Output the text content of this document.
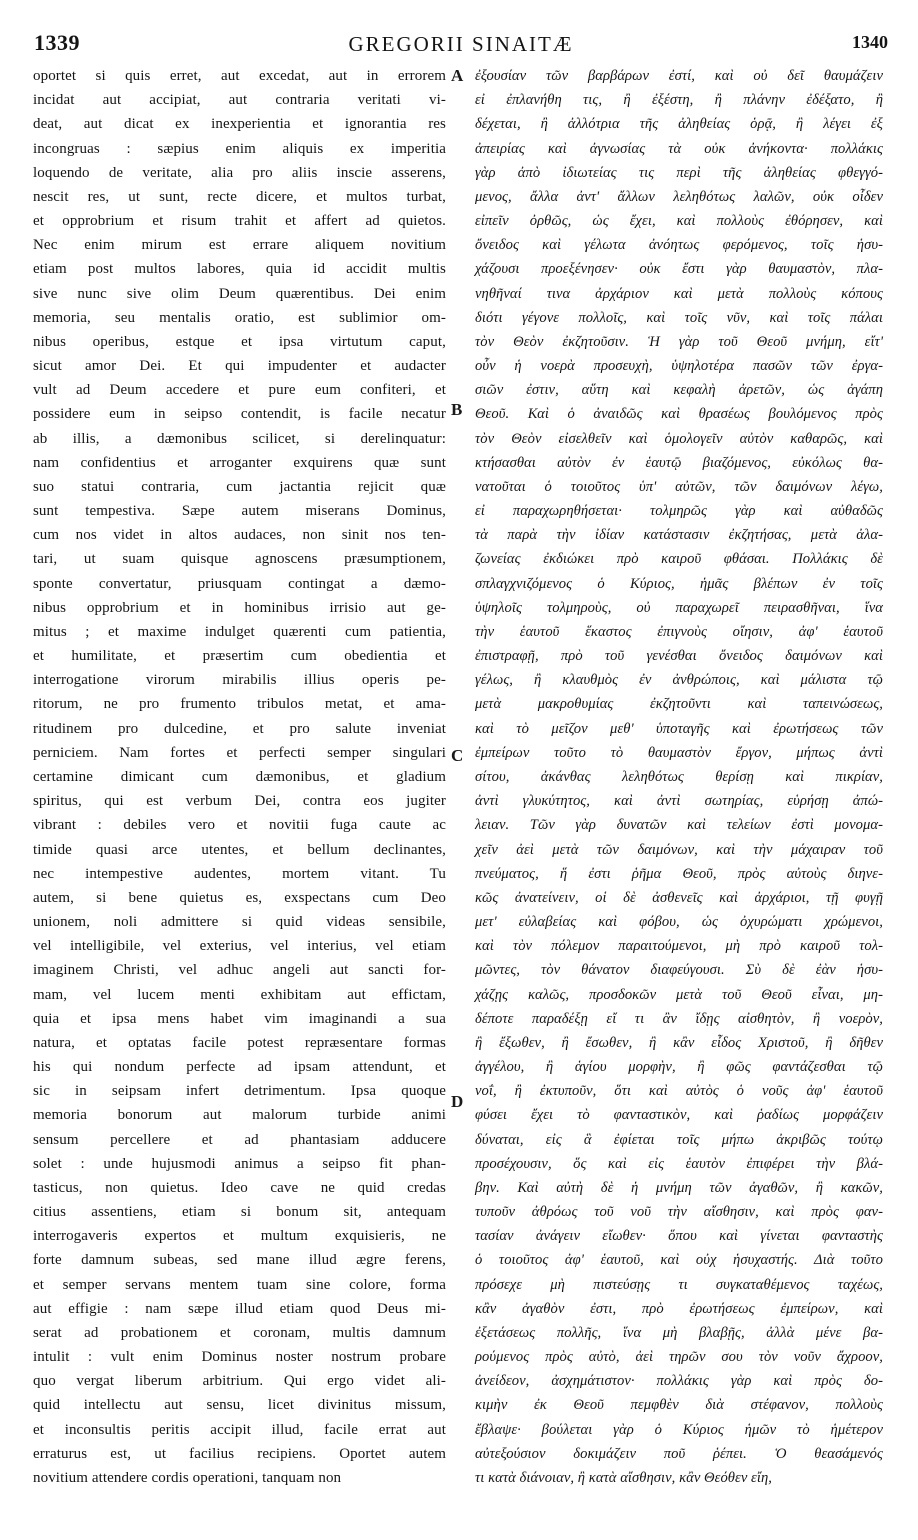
1339	GREGORII SINAITÆ	1340
oportet si quis erret, aut excedat, aut in errorem
incidat aut accipiat, aut contraria veritati vi-
deat, aut dicat ex inexperientia et ignorantia res
incongruas : sæpius enim aliquis ex imperitia
loquendo de veritate, alia pro aliis inscie asserens,
nescit res, ut sunt, recte dicere, et multos turbat,
et opprobrium et risum trahit et affert ad quietos.
Nec enim mirum est errare aliquem novitium
etiam post multos labores, quia id accidit multis
sive nunc sive olim Deum quærentibus. Dei enim
memoria, seu mentalis oratio, est sublimior om-
nibus operibus, estque et ipsa virtutum caput,
sicut amor Dei. Et qui impudenter et audacter
vult ad Deum accedere et pure eum confiteri, et
possidere eum in seipso contendit, is facile necatur
ab illis, a dæmonibus scilicet, si derelinquatur:
nam confidentius et arroganter exquirens quæ sunt
suo statui contraria, cum jactantia rejicit quæ
sunt tempestiva. Sæpe autem miserans Dominus,
cum nos videt in altos audaces, non sinit nos ten-
tari, ut suam quisque agnoscens præsumptionem,
sponte convertatur, priusquam contingat a dæmo-
nibus opprobrium et in hominibus irrisio aut ge-
mitus ; et maxime indulget quærenti cum patientia,
et humilitate, et præsertim cum obedientia et
interrogatione virorum mirabilis illius operis pe-
ritorum, ne pro frumento tribulos metat, et ama-
ritudinem pro dulcedine, et pro salute inveniat
perniciem. Nam fortes et perfecti semper singulari
certamine dimicant cum dæmonibus, et gladium
spiritus, qui est verbum Dei, contra eos jugiter
vibrant : debiles vero et novitii fuga caute ac
timide quasi arce utentes, et bellum declinantes,
nec intempestive audentes, mortem vitant. Tu
autem, si bene quietus es, exspectans cum Deo
unionem, noli admittere si quid videas sensibile,
vel intelligibile, vel exterius, vel interius, vel etiam
imaginem Christi, vel adhuc angeli aut sancti for-
mam, vel lucem menti exhibitam aut effictam,
quia et ipsa mens habet vim imaginandi a sua
natura, et optatas facile potest repræsentare formas
his qui nondum perfecte ad ipsam attendunt, et
sic in seipsam infert detrimentum. Ipsa quoque
memoria bonorum aut malorum turbide animi
sensum percellere et ad phantasiam adducere
solet : unde hujusmodi animus a seipso fit phan-
tasticus, non quietus. Ideo cave ne quid credas
citius assentiens, etiam si bonum sit, antequam
interrogaveris expertos et multum exquisieris, ne
forte damnum subeas, sed mane illud ægre ferens,
et semper servans mentem tuam sine colore, forma
aut effigie : nam sæpe illud etiam quod Deus mi-
serat ad probationem et coronam, multis damnum
intulit : vult enim Dominus noster nostrum probare
quo vergat liberum arbitrium. Qui ergo videt ali-
quid intellectu aut sensu, licet divinitus missum,
et inconsultis peritis accipit illud, facile errat aut
erraturus est, ut facilius recipiens. Oportet autem
novitium attendere cordis operationi, tanquam non
ἐξουσίαν τῶν βαρβάρων ἐστί, καὶ οὐ δεῖ θαυμάζειν
εἰ ἐπλανήθη τις, ἢ ἐξέστη, ἢ πλάνην ἐδέξατο, ἢ
δέχεται, ἢ ἀλλότρια τῆς ἀληθείας ὁρᾷ, ἢ λέγει ἐξ
ἀπειρίας καὶ ἀγνωσίας τὰ οὐκ ἀνήκοντα· πολλάκις
γὰρ ἀπὸ ἰδιωτείας τις περὶ τῆς ἀληθείας φθεγγό-
μενος, ἄλλα ἀντ' ἄλλων λεληθότως λαλῶν, οὐκ οἶδεν
εἰπεῖν ὀρθῶς, ὡς ἔχει, καὶ πολλοὺς ἐθόρησεν, καὶ
ὄνειδος καὶ γέλωτα ἀνόητως φερόμενος, τοῖς ἡσυ-
χάζουσι προεξένησεν· οὐκ ἔστι γὰρ θαυμαστὸν, πλα-
νηθῆναί τινα ἀρχάριον καὶ μετὰ πολλοὺς κόπους
διότι γέγονε πολλοῖς, καὶ τοῖς νῦν, καὶ τοῖς πάλαι
τὸν Θεὸν ἐκζητοῦσιν. Ἡ γὰρ τοῦ Θεοῦ μνήμη, εἴτ'
οὖν ἡ νοερὰ προσευχὴ, ὑψηλοτέρα πασῶν τῶν ἐργα-
σιῶν ἐστιν, αὕτη καὶ κεφαλὴ ἀρετῶν, ὡς ἀγάπη
Θεοῦ. Καὶ ὁ ἀναιδῶς καὶ θρασέως βουλόμενος πρὸς
τὸν Θεὸν εἰσελθεῖν καὶ ὁμολογεῖν αὐτὸν καθαρῶς, καὶ
κτήσασθαι αὐτὸν ἐν ἑαυτῷ βιαζόμενος, εὐκόλως θα-
νατοῦται ὁ τοιοῦτος ὑπ' αὐτῶν, τῶν δαιμόνων λέγω,
εἰ παραχωρηθήσεται· τολμηρῶς γὰρ καὶ αὐθαδῶς
τὰ παρὰ τὴν ἰδίαν κατάστασιν ἐκζητήσας, μετὰ ἀλα-
ζωνείας ἐκδιώκει πρὸ καιροῦ φθάσαι. Πολλάκις δὲ
σπλαγχνιζόμενος ὁ Κύριος, ἡμᾶς βλέπων ἐν τοῖς
ὑψηλοῖς τολμηροὺς, οὐ παραχωρεῖ πειρασθῆναι, ἵνα
τὴν ἑαυτοῦ ἕκαστος ἐπιγνοὺς οἴησιν, ἀφ' ἑαυτοῦ
ἐπιστραφῇ, πρὸ τοῦ γενέσθαι ὄνειδος δαιμόνων καὶ
γέλως, ἢ κλαυθμὸς ἐν ἀνθρώποις, καὶ μάλιστα τῷ
μετὰ μακροθυμίας ἐκζητοῦντι καὶ ταπεινώσεως,
καὶ τὸ μεῖζον μεθ' ὑποταγῆς καὶ ἐρωτήσεως τῶν
ἐμπείρων τοῦτο τὸ θαυμαστὸν ἔργον, μήπως ἀντὶ
σίτου, ἀκάνθας λεληθότως θερίσῃ καὶ πικρίαν,
ἀντὶ γλυκύτητος, καὶ ἀντὶ σωτηρίας, εὑρήσῃ ἀπώ-
λειαν. Τῶν γὰρ δυνατῶν καὶ τελείων ἐστὶ μονομα-
χεῖν ἀεὶ μετὰ τῶν δαιμόνων, καὶ τὴν μάχαιραν τοῦ
πνεύματος, ἥ ἐστι ῥῆμα Θεοῦ, πρὸς αὐτοὺς διηνε-
κῶς ἀνατείνειν, οἱ δὲ ἀσθενεῖς καὶ ἀρχάριοι, τῇ φυγῇ
μετ' εὐλαβείας καὶ φόβου, ὡς ὀχυρώματι χρώμενοι,
καὶ τὸν πόλεμον παραιτούμενοι, μὴ πρὸ καιροῦ τολ-
μῶντες, τὸν θάνατον διαφεύγουσι. Σὺ δὲ ἐὰν ἡσυ-
χάζῃς καλῶς, προσδοκῶν μετὰ τοῦ Θεοῦ εἶναι, μη-
δέποτε παραδέξῃ εἴ τι ἂν ἴδῃς αἰσθητὸν, ἢ νοερὸν,
ἢ ἔξωθεν, ἢ ἔσωθεν, ἢ κἂν εἶδος Χριστοῦ, ἢ δῆθεν
ἀγγέλου, ἢ ἁγίου μορφὴν, ἢ φῶς φαντάζεσθαι τῷ
νοΐ, ἢ ἐκτυποῦν, ὅτι καὶ αὐτὸς ὁ νοῦς ἀφ' ἑαυτοῦ
φύσει ἔχει τὸ φανταστικὸν, καὶ ῥαδίως μορφάζειν
δύναται, εἰς ἃ ἐφίεται τοῖς μήπω ἀκριβῶς τούτῳ
προσέχουσιν, ὅς καὶ εἰς ἑαυτὸν ἐπιφέρει τὴν βλά-
βην. Καὶ αὐτὴ δὲ ἡ μνήμη τῶν ἀγαθῶν, ἢ κακῶν,
τυποῦν ἀθρόως τοῦ νοῦ τὴν αἴσθησιν, καὶ πρὸς φαν-
τασίαν ἀνάγειν εἴωθεν· ὅπου καὶ γίνεται φανταστὴς
ὁ τοιοῦτος ἀφ' ἑαυτοῦ, καὶ οὐχ ἡσυχαστής. Διὰ τοῦτο
πρόσεχε μὴ πιστεύσῃς τι συγκαταθέμενος ταχέως,
κἂν ἀγαθὸν ἐστι, πρὸ ἐρωτήσεως ἐμπείρων, καὶ
ἐξετάσεως πολλῆς, ἵνα μὴ βλαβῇς, ἀλλὰ μένε βα-
ρούμενος πρὸς αὐτὸ, ἀεὶ τηρῶν σου τὸν νοῦν ἄχροον,
ἀνείδεον, ἀσχημάτιστον· πολλάκις γὰρ καὶ πρὸς δο-
κιμὴν ἐκ Θεοῦ πεμφθὲν διὰ στέφανον, πολλοὺς
ἔβλαψε· βούλεται γὰρ ὁ Κύριος ἡμῶν τὸ ἡμέτερον
αὐτεξούσιον δοκιμάζειν ποῦ ῥέπει. Ὁ θεασάμενός
τι κατὰ διάνοιαν, ἢ κατὰ αἴσθησιν, κἂν Θεόθεν εἴη,
A
B
C
D
